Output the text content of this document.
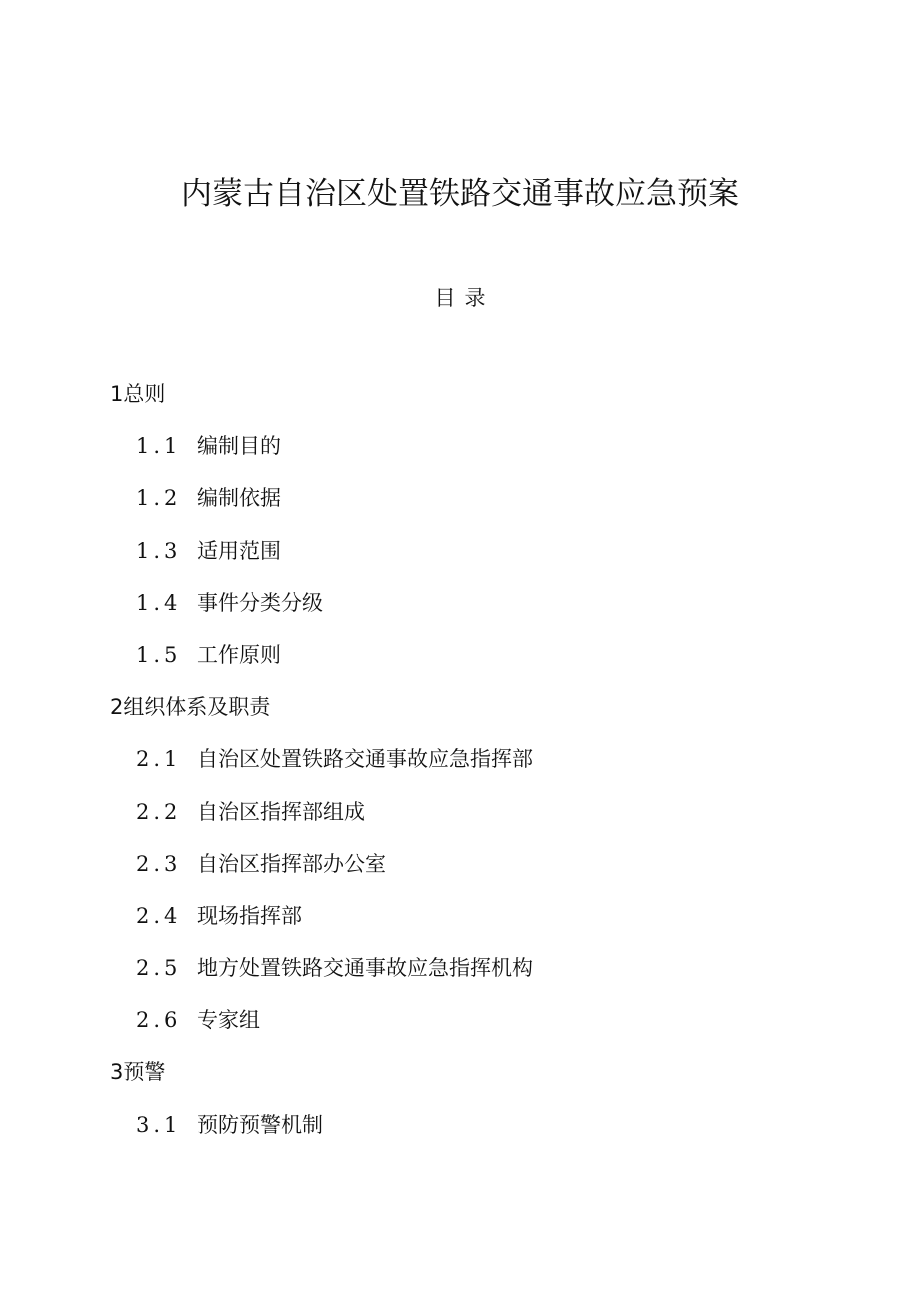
内蒙古自治区处置铁路交通事故应急预案
目 录
1总则
1.1 编制目的
1.2 编制依据
1.3 适用范围
1.4 事件分类分级
1.5 工作原则
2组织体系及职责
2.1 自治区处置铁路交通事故应急指挥部
2.2 自治区指挥部组成
2.3 自治区指挥部办公室
2.4 现场指挥部
2.5 地方处置铁路交通事故应急指挥机构
2.6 专家组
3预警
3.1 预防预警机制
